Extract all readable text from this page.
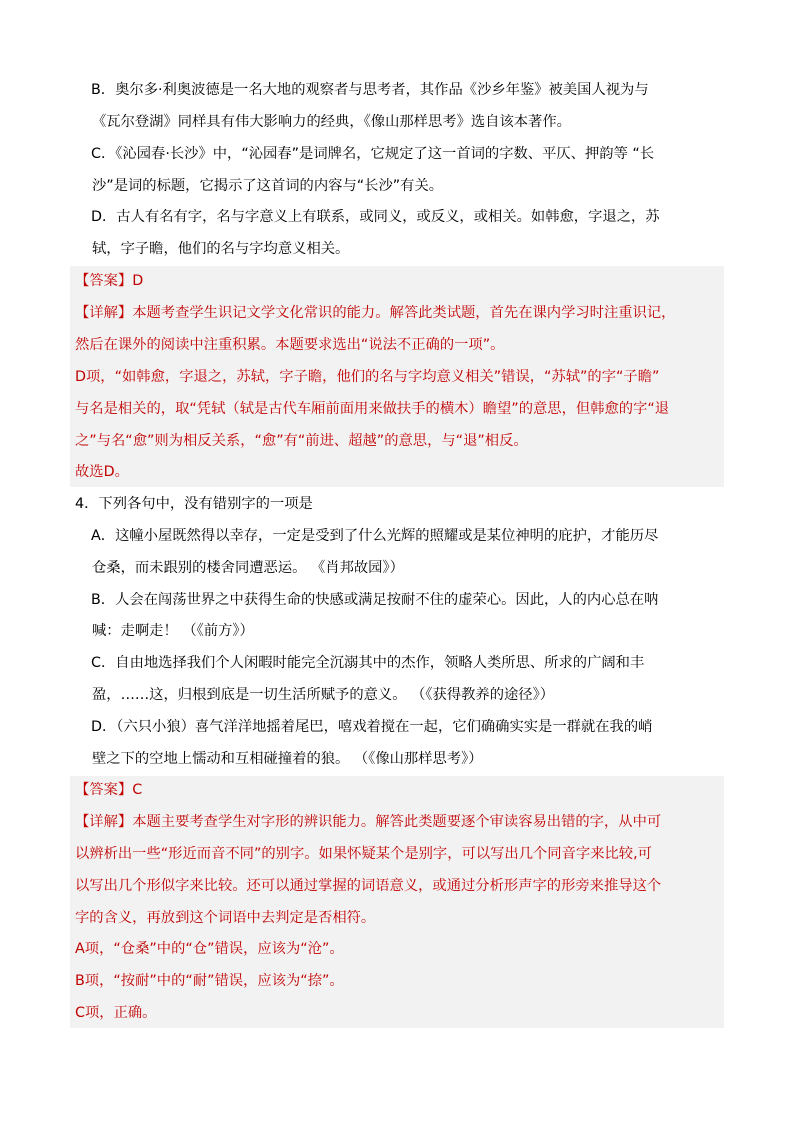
B．奥尔多·利奥波德是一名大地的观察者与思考者，其作品《沙乡年鉴》被美国人视为与
《瓦尔登湖》同样具有伟大影响力的经典，《像山那样思考》选自该本著作。
C．《沁园春·长沙》中，“沁园春”是词牌名，它规定了这一首词的字数、平仄、押韵等 “长
沙”是词的标题，它揭示了这首词的内容与“长沙”有关。
D．古人有名有字，名与字意义上有联系，或同义，或反义，或相关。如韩愈，字退之，苏
轼，字子瞻，他们的名与字均意义相关。
【答案】D
【详解】本题考查学生识记文学文化常识的能力。解答此类试题，首先在课内学习时注重识记，
然后在课外的阅读中注重积累。本题要求选出“说法不正确的一项”。
D项，“如韩愈，字退之，苏轼，字子瞻，他们的名与字均意义相关”错误，“苏轼”的字“子瞻”
与名是相关的，取“凭轼（轼是古代车厢前面用来做扶手的横木）瞻望”的意思，但韩愈的字“退
之”与名“愈”则为相反关系，“愈”有“前进、超越”的意思，与“退”相反。
故选D。
4．下列各句中，没有错别字的一项是
A．这幢小屋既然得以幸存，一定是受到了什么光辉的照耀或是某位神明的庇护，才能历尽
仓桑，而未跟别的楼舍同遭恶运。 《肖邦故园》）
B．人会在闯荡世界之中获得生命的快感或满足按耐不住的虚荣心。因此，人的内心总在呐
喊：走啊走！ （《前方》）
C．自由地选择我们个人闲暇时能完全沉溺其中的杰作，领略人类所思、所求的广阔和丰
盈，……这，归根到底是一切生活所赋予的意义。 （《获得教养的途径》）
D．（六只小狼）喜气洋洋地摇着尾巴，嘻戏着搅在一起，它们确确实实是一群就在我的峭
壁之下的空地上懦动和互相碰撞着的狼。 （《像山那样思考》）
【答案】C
【详解】本题主要考查学生对字形的辨识能力。解答此类题要逐个审读容易出错的字，从中可
以辨析出一些“形近而音不同”的别字。如果怀疑某个是别字，可以写出几个同音字来比较,可
以写出几个形似字来比较。还可以通过掌握的词语意义，或通过分析形声字的形旁来推导这个
字的含义，再放到这个词语中去判定是否相符。
A项，“仓桑”中的“仓”错误，应该为“沧”。
B项，“按耐”中的“耐”错误，应该为“捺”。
C项，正确。
